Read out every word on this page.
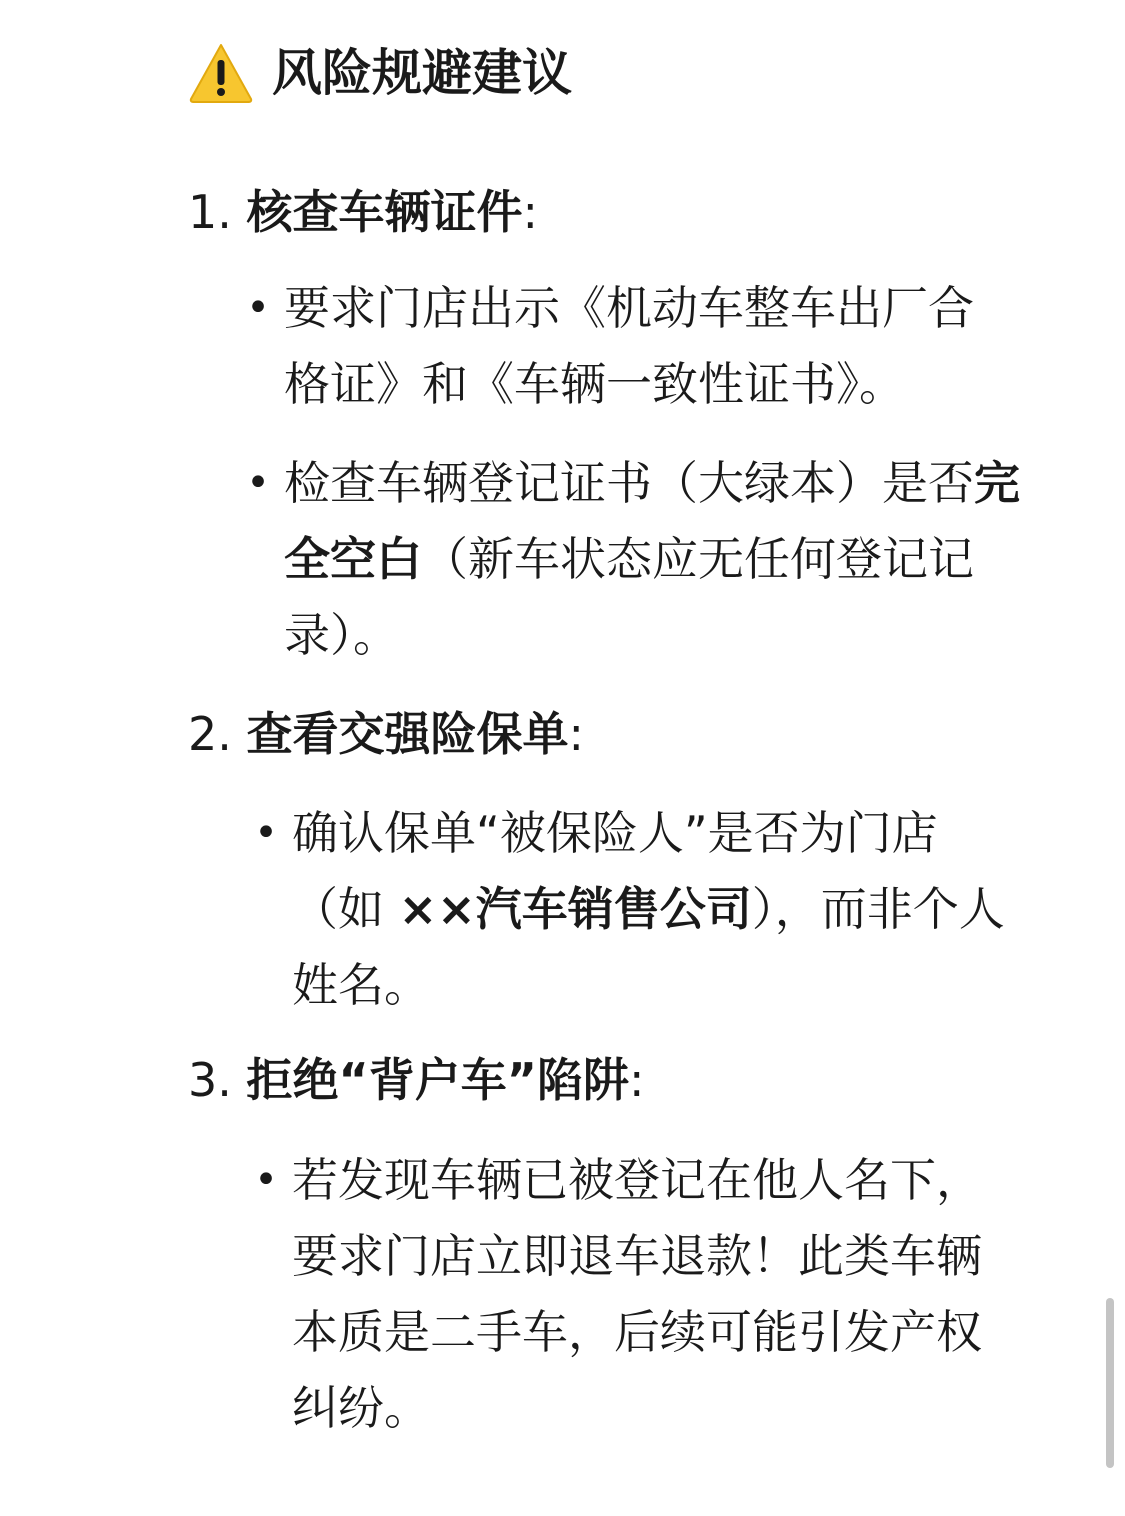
风险规避建议
1. 核查车辆证件:
• 要求门店出示《机动车整车出厂合
格证》和《车辆一致性证书》。
• 检查车辆登记证书（大绿本）是否完
全空白（新车状态应无任何登记记
录）。
2. 查看交强险保单:
• 确认保单“被保险人”是否为门店
（如 ××汽车销售公司），而非个人
姓名。
3. 拒绝“背户车”陷阱:
• 若发现车辆已被登记在他人名下，
要求门店立即退车退款！此类车辆
本质是二手车，后续可能引发产权
纠纷。
